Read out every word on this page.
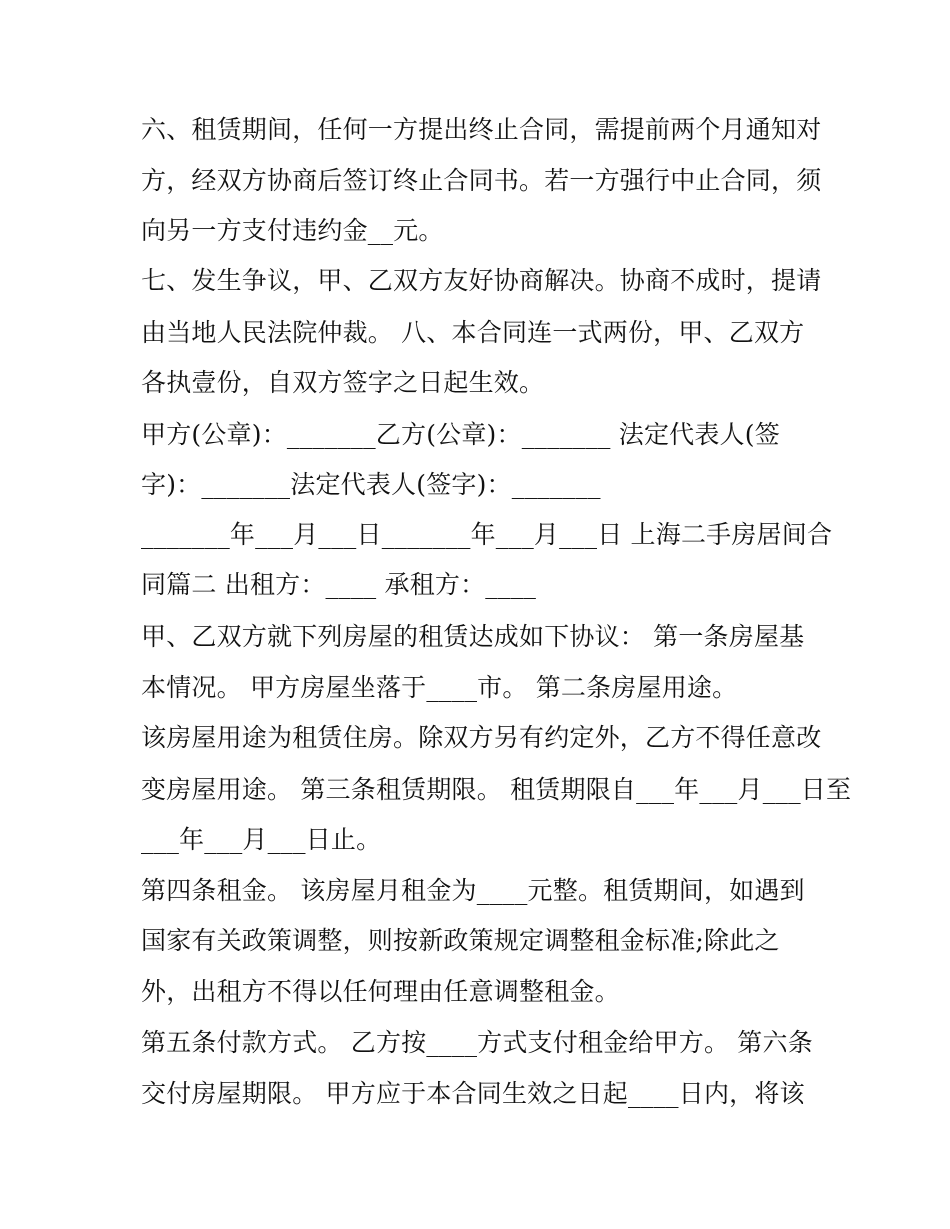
六、租赁期间，任何一方提出终止合同，需提前两个月通知对

方，经双方协商后签订终止合同书。若一方强行中止合同，须

向另一方支付违约金__元。

七、发生争议，甲、乙双方友好协商解决。协商不成时，提请

由当地人民法院仲裁。 八、本合同连一式两份，甲、乙双方

各执壹份，自双方签字之日起生效。

甲方(公章)：_______乙方(公章)：_______ 法定代表人(签

字)：_______法定代表人(签字)：_______

_______年___月___日_______年___月___日 上海二手房居间合

同篇二 出租方：____ 承租方：____

甲、乙双方就下列房屋的租赁达成如下协议： 第一条房屋基

本情况。 甲方房屋坐落于____市。 第二条房屋用途。

该房屋用途为租赁住房。除双方另有约定外，乙方不得任意改

变房屋用途。 第三条租赁期限。 租赁期限自___年___月___日至

___年___月___日止。

第四条租金。 该房屋月租金为____元整。租赁期间，如遇到

国家有关政策调整，则按新政策规定调整租金标准;除此之

外，出租方不得以任何理由任意调整租金。

第五条付款方式。 乙方按____方式支付租金给甲方。 第六条

交付房屋期限。 甲方应于本合同生效之日起____日内，将该
